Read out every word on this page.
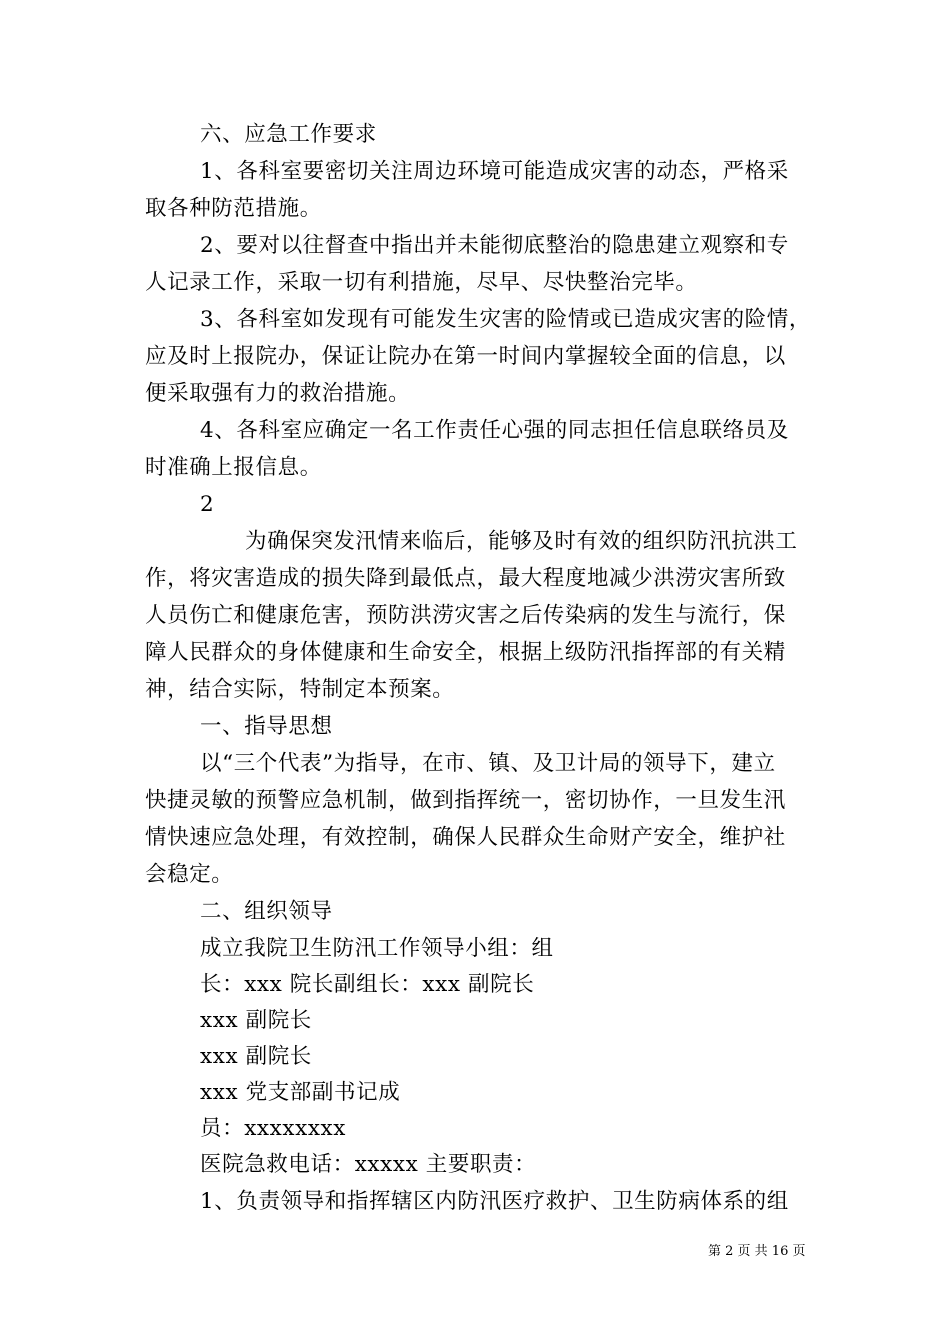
六、应急工作要求
1、各科室要密切关注周边环境可能造成灾害的动态，严格采
取各种防范措施。
2、要对以往督查中指出并未能彻底整治的隐患建立观察和专
人记录工作，采取一切有利措施，尽早、尽快整治完毕。
3、各科室如发现有可能发生灾害的险情或已造成灾害的险情，
应及时上报院办，保证让院办在第一时间内掌握较全面的信息，以
便采取强有力的救治措施。
4、各科室应确定一名工作责任心强的同志担任信息联络员及
时准确上报信息。
2
为确保突发汛情来临后，能够及时有效的组织防汛抗洪工
作，将灾害造成的损失降到最低点，最大程度地减少洪涝灾害所致
人员伤亡和健康危害，预防洪涝灾害之后传染病的发生与流行，保
障人民群众的身体健康和生命安全，根据上级防汛指挥部的有关精
神，结合实际，特制定本预案。
一、指导思想
以“三个代表”为指导，在市、镇、及卫计局的领导下，建立
快捷灵敏的预警应急机制，做到指挥统一，密切协作，一旦发生汛
情快速应急处理，有效控制，确保人民群众生命财产安全，维护社
会稳定。
二、组织领导
成立我院卫生防汛工作领导小组：组
长：xxx 院长副组长：xxx 副院长
xxx 副院长
xxx 副院长
xxx 党支部副书记成
员：xxxxxxxx
医院急救电话：xxxxx 主要职责：
1、负责领导和指挥辖区内防汛医疗救护、卫生防病体系的组
第 2 页 共 16 页
